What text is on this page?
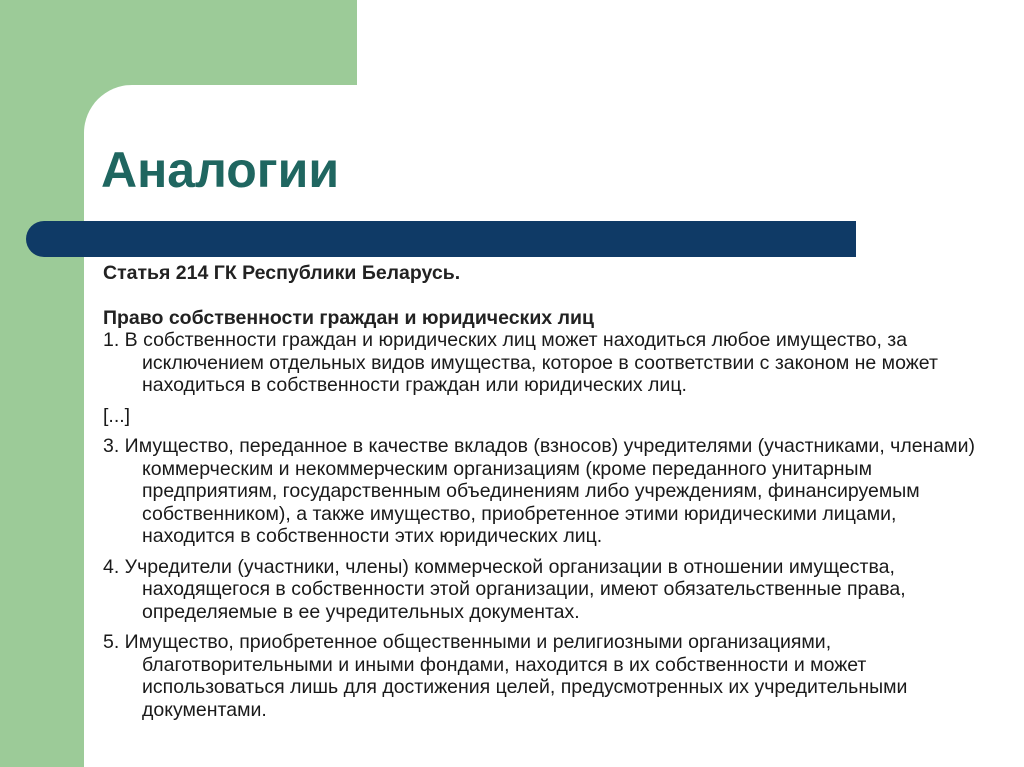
Аналогии

Статья 214 ГК Республики Беларусь.

Право собственности граждан и юридических лиц

1. В собственности граждан и юридических лиц может находиться любое имущество, за исключением отдельных видов имущества, которое в соответствии с законом не может находиться в собственности граждан или юридических лиц.

[...]

3. Имущество, переданное в качестве вкладов (взносов) учредителями (участниками, членами) коммерческим и некоммерческим организациям (кроме переданного унитарным предприятиям, государственным объединениям либо учреждениям, финансируемым собственником), а также имущество, приобретенное этими юридическими лицами, находится в собственности этих юридических лиц.

4. Учредители (участники, члены) коммерческой организации в отношении имущества, находящегося в собственности этой организации, имеют обязательственные права, определяемые в ее учредительных документах.

5. Имущество, приобретенное общественными и религиозными организациями, благотворительными и иными фондами, находится в их собственности и может использоваться лишь для достижения целей, предусмотренных их учредительными документами.
